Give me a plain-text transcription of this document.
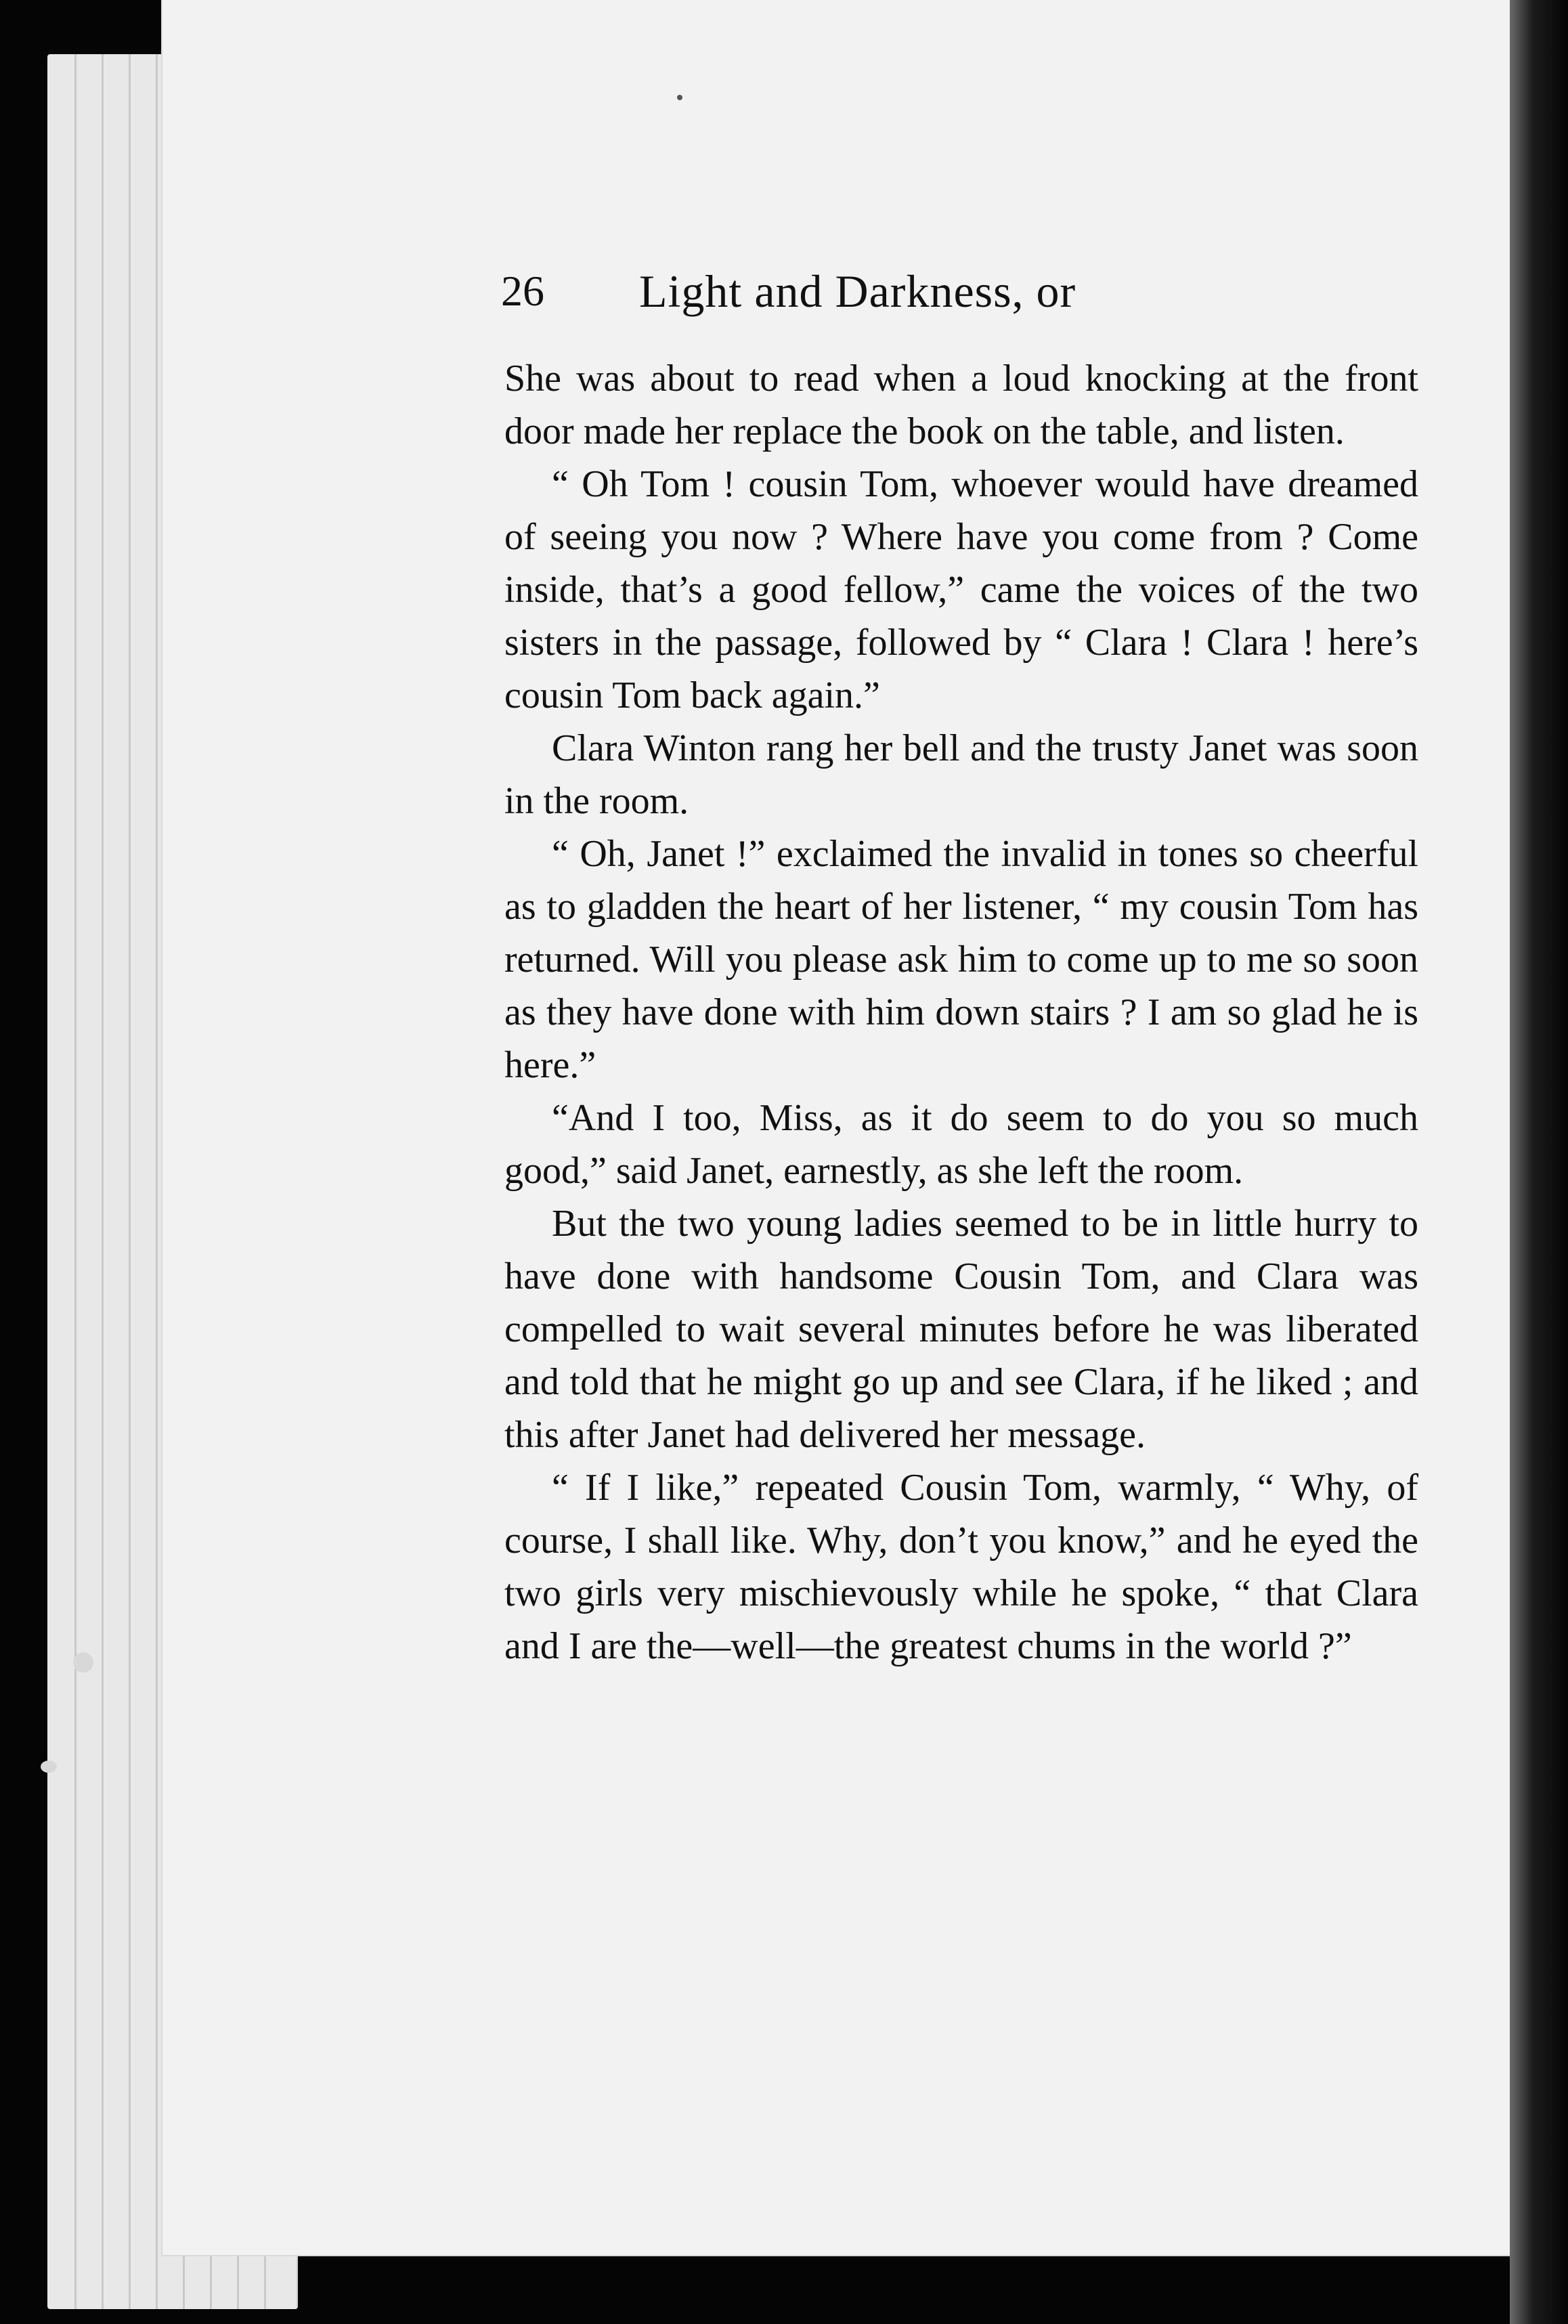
26 Light and Darkness, or

She was about to read when a loud knocking at the front door made her replace the book on the table, and listen.

“ Oh Tom ! cousin Tom, whoever would have dreamed of seeing you now ? Where have you come from ? Come inside, that’s a good fellow,” came the voices of the two sisters in the passage, followed by “ Clara ! Clara ! here’s cousin Tom back again.”

Clara Winton rang her bell and the trusty Janet was soon in the room.

“ Oh, Janet !” exclaimed the invalid in tones so cheerful as to gladden the heart of her listener, “ my cousin Tom has returned. Will you please ask him to come up to me so soon as they have done with him down stairs ? I am so glad he is here.”

“And I too, Miss, as it do seem to do you so much good,” said Janet, earnestly, as she left the room.

But the two young ladies seemed to be in little hurry to have done with handsome Cousin Tom, and Clara was compelled to wait several minutes before he was liberated and told that he might go up and see Clara, if he liked ; and this after Janet had delivered her message.

“ If I like,” repeated Cousin Tom, warmly, “ Why, of course, I shall like. Why, don’t you know,” and he eyed the two girls very mischievously while he spoke, “ that Clara and I are the—well—the greatest chums in the world ?”
